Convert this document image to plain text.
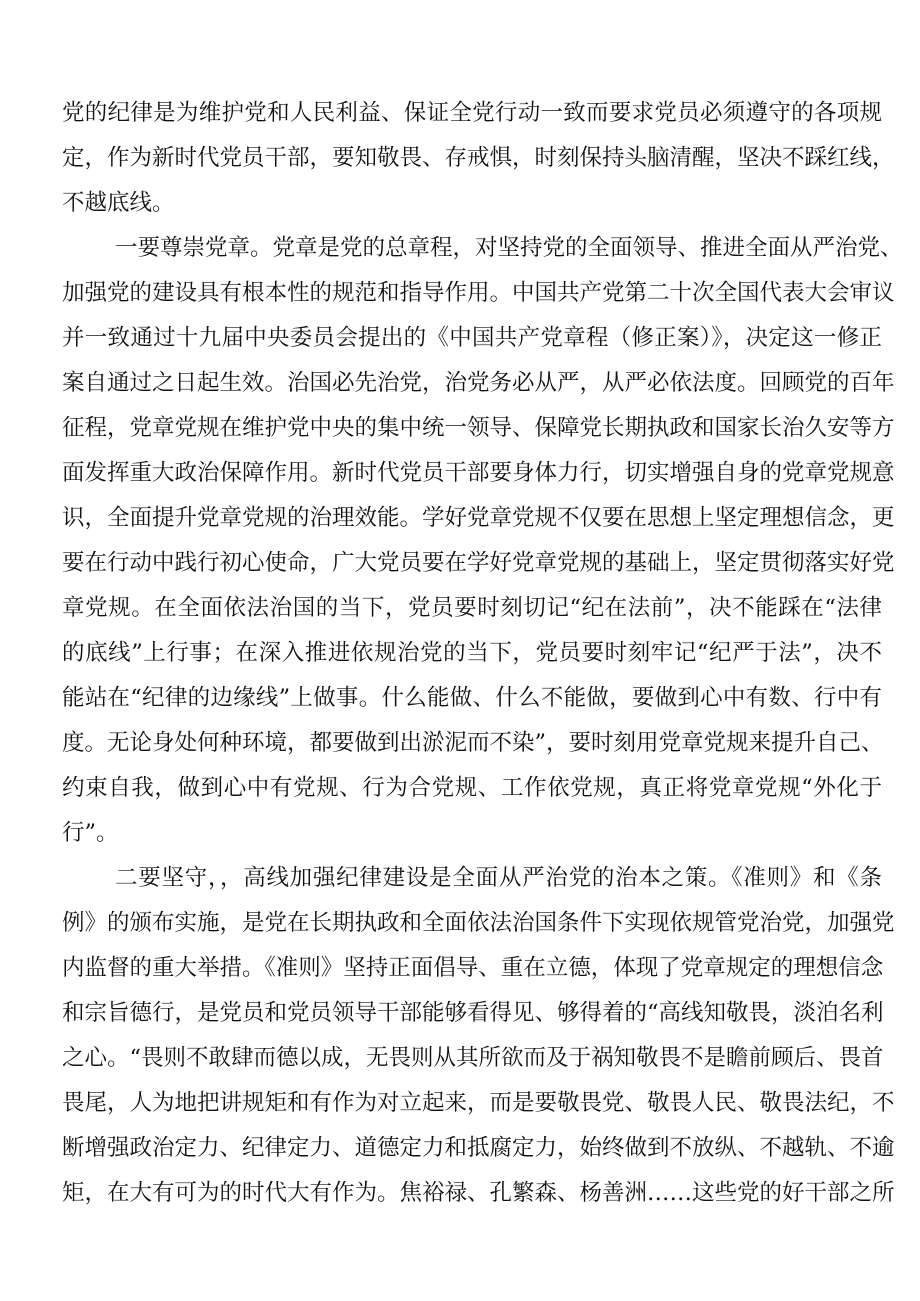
党的纪律是为维护党和人民利益、保证全党行动一致而要求党员必须遵守的各项规
定，作为新时代党员干部，要知敬畏、存戒惧，时刻保持头脑清醒，坚决不踩红线，
不越底线。
一要尊崇党章。党章是党的总章程，对坚持党的全面领导、推进全面从严治党、
加强党的建设具有根本性的规范和指导作用。中国共产党第二十次全国代表大会审议
并一致通过十九届中央委员会提出的《中国共产党章程（修正案）》，决定这一修正
案自通过之日起生效。治国必先治党，治党务必从严，从严必依法度。回顾党的百年
征程，党章党规在维护党中央的集中统一领导、保障党长期执政和国家长治久安等方
面发挥重大政治保障作用。新时代党员干部要身体力行，切实增强自身的党章党规意
识，全面提升党章党规的治理效能。学好党章党规不仅要在思想上坚定理想信念，更
要在行动中践行初心使命，广大党员要在学好党章党规的基础上，坚定贯彻落实好党
章党规。在全面依法治国的当下，党员要时刻切记“纪在法前”，决不能踩在“法律
的底线”上行事；在深入推进依规治党的当下，党员要时刻牢记“纪严于法”，决不
能站在“纪律的边缘线”上做事。什么能做、什么不能做，要做到心中有数、行中有
度。无论身处何种环境，都要做到出淤泥而不染”，要时刻用党章党规来提升自己、
约束自我，做到心中有党规、行为合党规、工作依党规，真正将党章党规“外化于
行”。
二要坚守，，高线加强纪律建设是全面从严治党的治本之策。《准则》和《条
例》的颁布实施，是党在长期执政和全面依法治国条件下实现依规管党治党，加强党
内监督的重大举措。《准则》坚持正面倡导、重在立德，体现了党章规定的理想信念
和宗旨德行，是党员和党员领导干部能够看得见、够得着的“高线知敬畏，淡泊名利
之心。“畏则不敢肆而德以成，无畏则从其所欲而及于祸知敬畏不是瞻前顾后、畏首
畏尾，人为地把讲规矩和有作为对立起来，而是要敬畏党、敬畏人民、敬畏法纪，不
断增强政治定力、纪律定力、道德定力和抵腐定力，始终做到不放纵、不越轨、不逾
矩，在大有可为的时代大有作为。焦裕禄、孔繁森、杨善洲……这些党的好干部之所
